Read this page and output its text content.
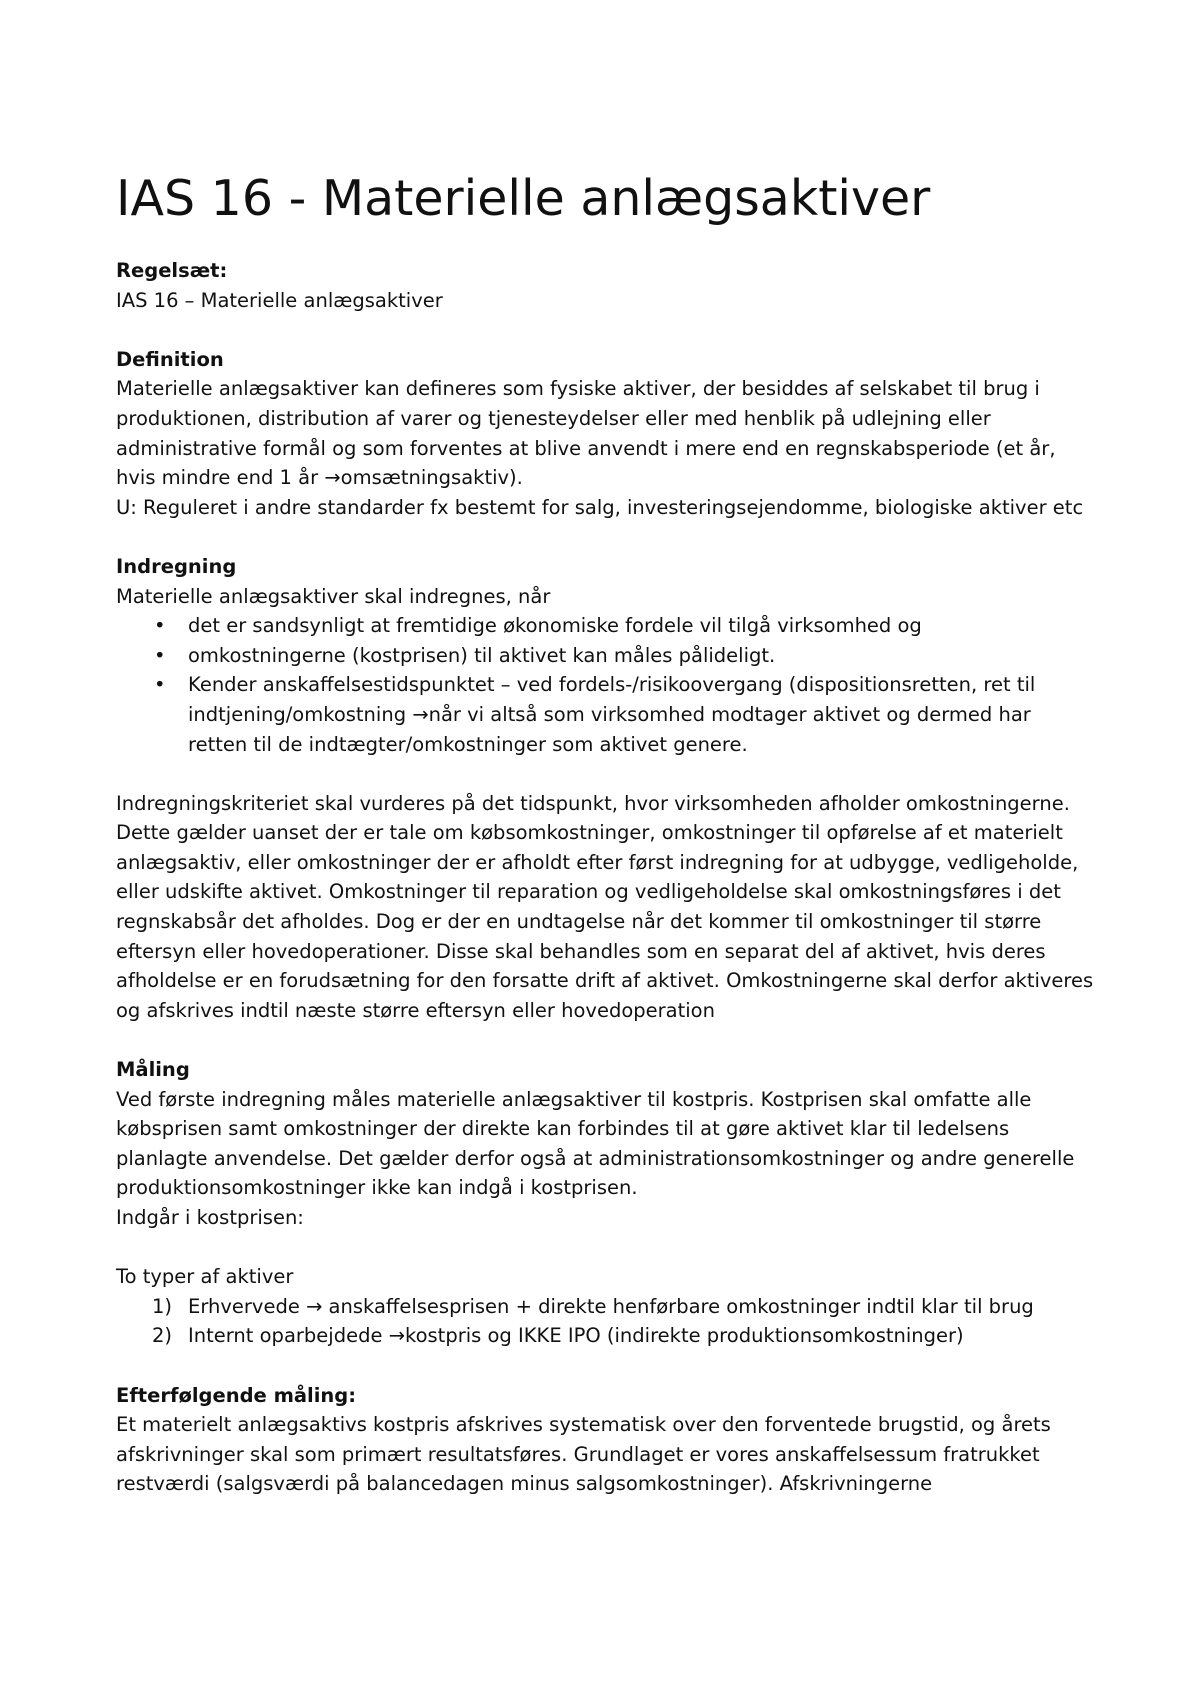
IAS 16 - Materielle anlægsaktiver
Regelsæt:
IAS 16 – Materielle anlægsaktiver
Definition
Materielle anlægsaktiver kan defineres som fysiske aktiver, der besiddes af selskabet til brug i produktionen, distribution af varer og tjenesteydelser eller med henblik på udlejning eller administrative formål og som forventes at blive anvendt i mere end en regnskabsperiode (et år, hvis mindre end 1 år →omsætningsaktiv).
U: Reguleret i andre standarder fx bestemt for salg, investeringsejendomme, biologiske aktiver etc
Indregning
Materielle anlægsaktiver skal indregnes, når
• det er sandsynligt at fremtidige økonomiske fordele vil tilgå virksomhed og
• omkostningerne (kostprisen) til aktivet kan måles pålideligt.
• Kender anskaffelsestidspunktet – ved fordels-/risikoovergang (dispositionsretten, ret til indtjening/omkostning →når vi altså som virksomhed modtager aktivet og dermed har retten til de indtægter/omkostninger som aktivet genere.
Indregningskriteriet skal vurderes på det tidspunkt, hvor virksomheden afholder omkostningerne. Dette gælder uanset der er tale om købsomkostninger, omkostninger til opførelse af et materielt anlægsaktiv, eller omkostninger der er afholdt efter først indregning for at udbygge, vedligeholde, eller udskifte aktivet. Omkostninger til reparation og vedligeholdelse skal omkostningsføres i det regnskabsår det afholdes. Dog er der en undtagelse når det kommer til omkostninger til større eftersyn eller hovedoperationer. Disse skal behandles som en separat del af aktivet, hvis deres afholdelse er en forudsætning for den forsatte drift af aktivet. Omkostningerne skal derfor aktiveres og afskrives indtil næste større eftersyn eller hovedoperation
Måling
Ved første indregning måles materielle anlægsaktiver til kostpris. Kostprisen skal omfatte alle købsprisen samt omkostninger der direkte kan forbindes til at gøre aktivet klar til ledelsens planlagte anvendelse. Det gælder derfor også at administrationsomkostninger og andre generelle produktionsomkostninger ikke kan indgå i kostprisen.
Indgår i kostprisen:
To typer af aktiver
1) Erhvervede → anskaffelsesprisen + direkte henførbare omkostninger indtil klar til brug
2) Internt oparbejdede →kostpris og IKKE IPO (indirekte produktionsomkostninger)
Efterfølgende måling:
Et materielt anlægsaktivs kostpris afskrives systematisk over den forventede brugstid, og årets afskrivninger skal som primært resultatsføres. Grundlaget er vores anskaffelsessum fratrukket restværdi (salgsværdi på balancedagen minus salgsomkostninger). Afskrivningerne
